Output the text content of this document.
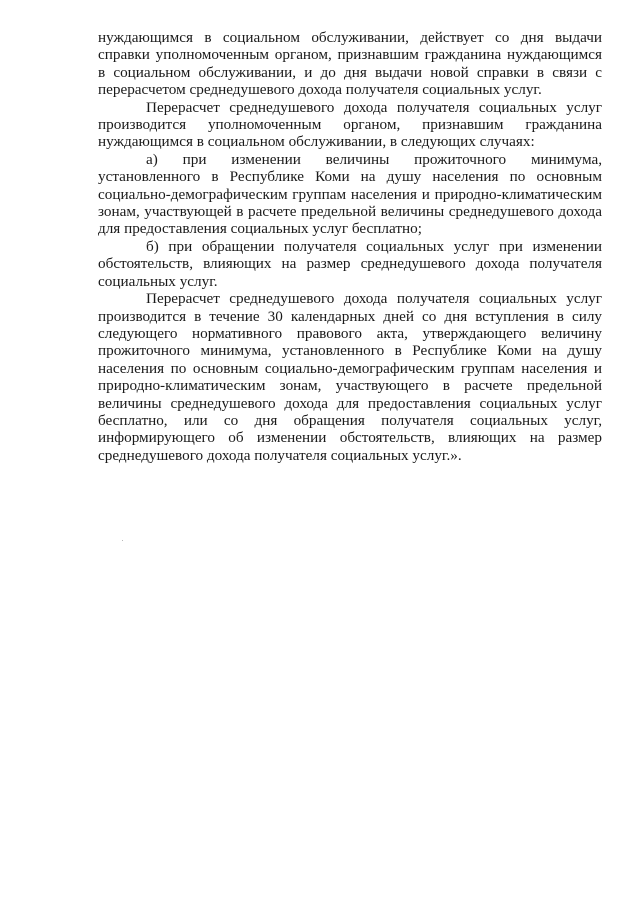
нуждающимся в социальном обслуживании, действует со дня выдачи справки уполномоченным органом, признавшим гражданина нуждающимся в социальном обслуживании, и до дня выдачи новой справки в связи с перерасчетом среднедушевого дохода получателя социальных услуг.

Перерасчет среднедушевого дохода получателя социальных услуг производится уполномоченным органом, признавшим гражданина нуждающимся в социальном обслуживании, в следующих случаях:

а) при изменении величины прожиточного минимума, установленного в Республике Коми на душу населения по основным социально-демографическим группам населения и природно-климатическим зонам, участвующей в расчете предельной величины среднедушевого дохода для предоставления социальных услуг бесплатно;

б) при обращении получателя социальных услуг при изменении обстоятельств, влияющих на размер среднедушевого дохода получателя социальных услуг.

Перерасчет среднедушевого дохода получателя социальных услуг производится в течение 30 календарных дней со дня вступления в силу следующего нормативного правового акта, утверждающего величину прожиточного минимума, установленного в Республике Коми на душу населения по основным социально-демографическим группам населения и природно-климатическим зонам, участвующего в расчете предельной величины среднедушевого дохода для предоставления социальных услуг бесплатно, или со дня обращения получателя социальных услуг, информирующего об изменении обстоятельств, влияющих на размер среднедушевого дохода получателя социальных услуг.».
